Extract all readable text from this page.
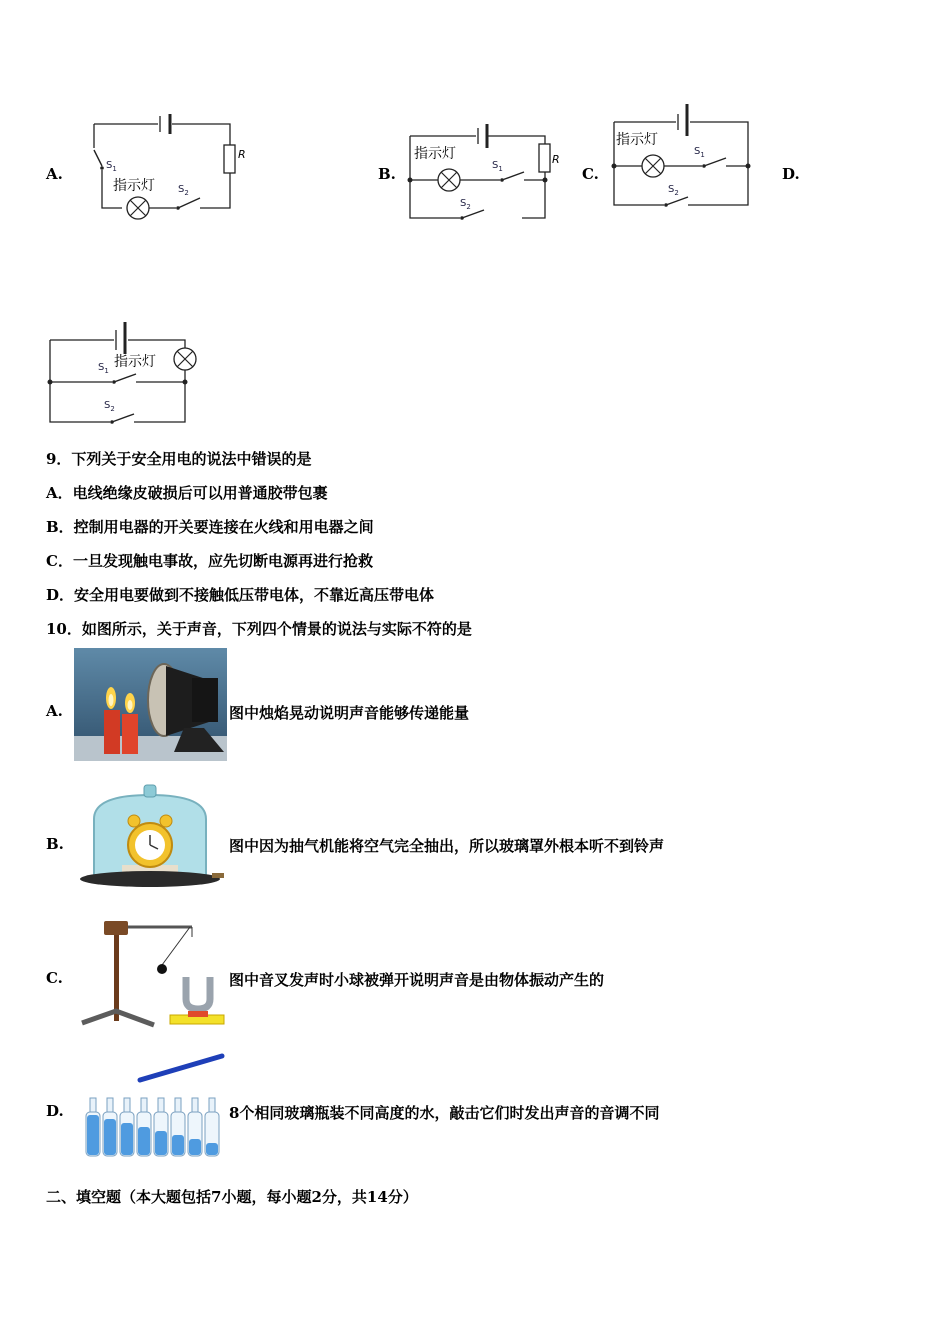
A.
R
$S_1$
指示灯 $S_2$
B.
R
指示灯
$S_1$
$S_2$
C.
指示灯
$S_1$
$S_2$
D.
指示灯
$S_1$
$S_2$
9．下列关于安全用电的说法中错误的是
A．电线绝缘皮破损后可以用普通胶带包裹
B．控制用电器的开关要连接在火线和用电器之间
C．一旦发现触电事故，应先切断电源再进行抢救
D．安全用电要做到不接触低压带电体，不靠近高压带电体
10．如图所示，关于声音，下列四个情景的说法与实际不符的是
A.	图中烛焰晃动说明声音能够传递能量
B.	图中因为抽气机能将空气完全抽出，所以玻璃罩外根本听不到铃声
C.	图中音叉发声时小球被弹开说明声音是由物体振动产生的
D.	8个相同玻璃瓶装不同高度的水，敲击它们时发出声音的音调不同
二、填空题（本大题包括7小题，每小题2分，共14分）
